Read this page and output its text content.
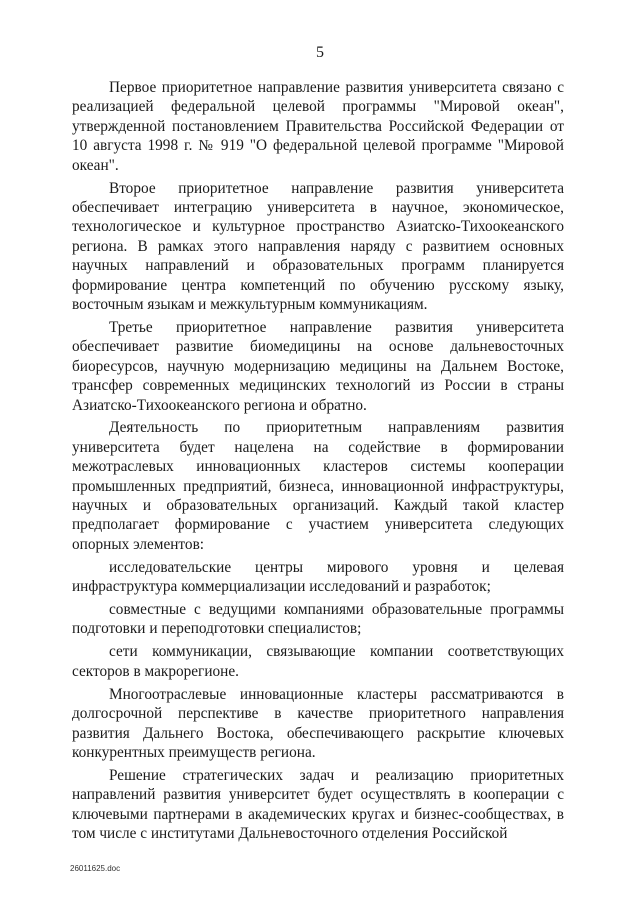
5

Первое приоритетное направление развития университета связано с реализацией федеральной целевой программы "Мировой океан", утвержденной постановлением Правительства Российской Федерации от 10 августа 1998 г. № 919 "О федеральной целевой программе "Мировой океан".

Второе приоритетное направление развития университета обеспечивает интеграцию университета в научное, экономическое, технологическое и культурное пространство Азиатско-Тихоокеанского региона. В рамках этого направления наряду с развитием основных научных направлений и образовательных программ планируется формирование центра компетенций по обучению русскому языку, восточным языкам и межкультурным коммуникациям.

Третье приоритетное направление развития университета обеспечивает развитие биомедицины на основе дальневосточных биоресурсов, научную модернизацию медицины на Дальнем Востоке, трансфер современных медицинских технологий из России в страны Азиатско-Тихоокеанского региона и обратно.

Деятельность по приоритетным направлениям развития университета будет нацелена на содействие в формировании межотраслевых инновационных кластеров системы кооперации промышленных предприятий, бизнеса, инновационной инфраструктуры, научных и образовательных организаций. Каждый такой кластер предполагает формирование с участием университета следующих опорных элементов:

исследовательские центры мирового уровня и целевая инфраструктура коммерциализации исследований и разработок;

совместные с ведущими компаниями образовательные программы подготовки и переподготовки специалистов;

сети коммуникации, связывающие компании соответствующих секторов в макрорегионе.

Многоотраслевые инновационные кластеры рассматриваются в долгосрочной перспективе в качестве приоритетного направления развития Дальнего Востока, обеспечивающего раскрытие ключевых конкурентных преимуществ региона.

Решение стратегических задач и реализацию приоритетных направлений развития университет будет осуществлять в кооперации с ключевыми партнерами в академических кругах и бизнес-сообществах, в том числе с институтами Дальневосточного отделения Российской

26011625.doc
